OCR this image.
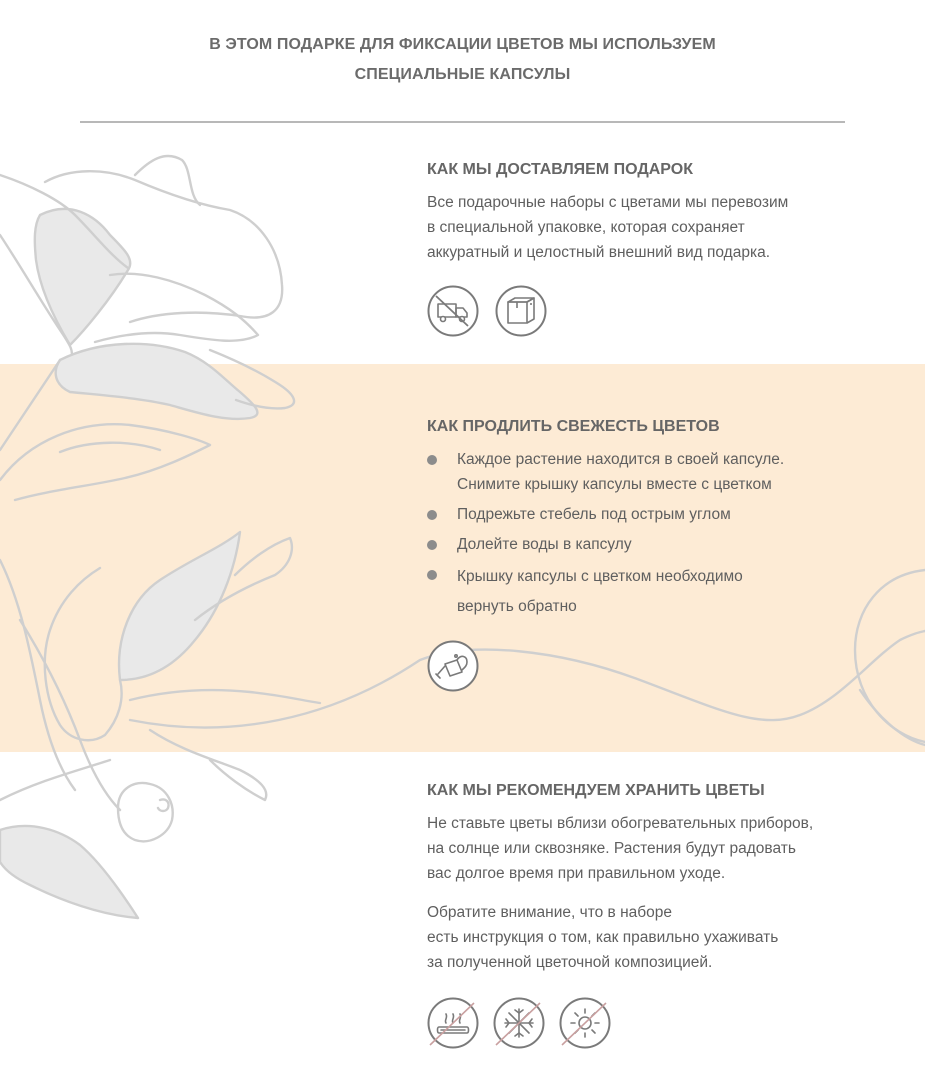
В ЭТОМ ПОДАРКЕ ДЛЯ ФИКСАЦИИ ЦВЕТОВ МЫ ИСПОЛЬЗУЕМ
СПЕЦИАЛЬНЫЕ КАПСУЛЫ
КАК МЫ ДОСТАВЛЯЕМ ПОДАРОК

Все подарочные наборы с цветами мы перевозим
в специальной упаковке, которая сохраняет
аккуратный и целостный внешний вид подарка.

КАК ПРОДЛИТЬ СВЕЖЕСТЬ ЦВЕТОВ
Каждое растение находится в своей капсуле.
Снимите крышку капсулы вместе с цветком
Подрежьте стебель под острым углом
Долейте воды в капсулу
Крышку капсулы с цветком необходимо
вернуть обратно
КАК МЫ РЕКОМЕНДУЕМ ХРАНИТЬ ЦВЕТЫ

Не ставьте цветы вблизи обогревательных приборов,
на солнце или сквозняке. Растения будут радовать
вас долгое время при правильном уходе.

Обратите внимание, что в наборе
есть инструкция о том, как правильно ухаживать
за полученной цветочной композицией.
